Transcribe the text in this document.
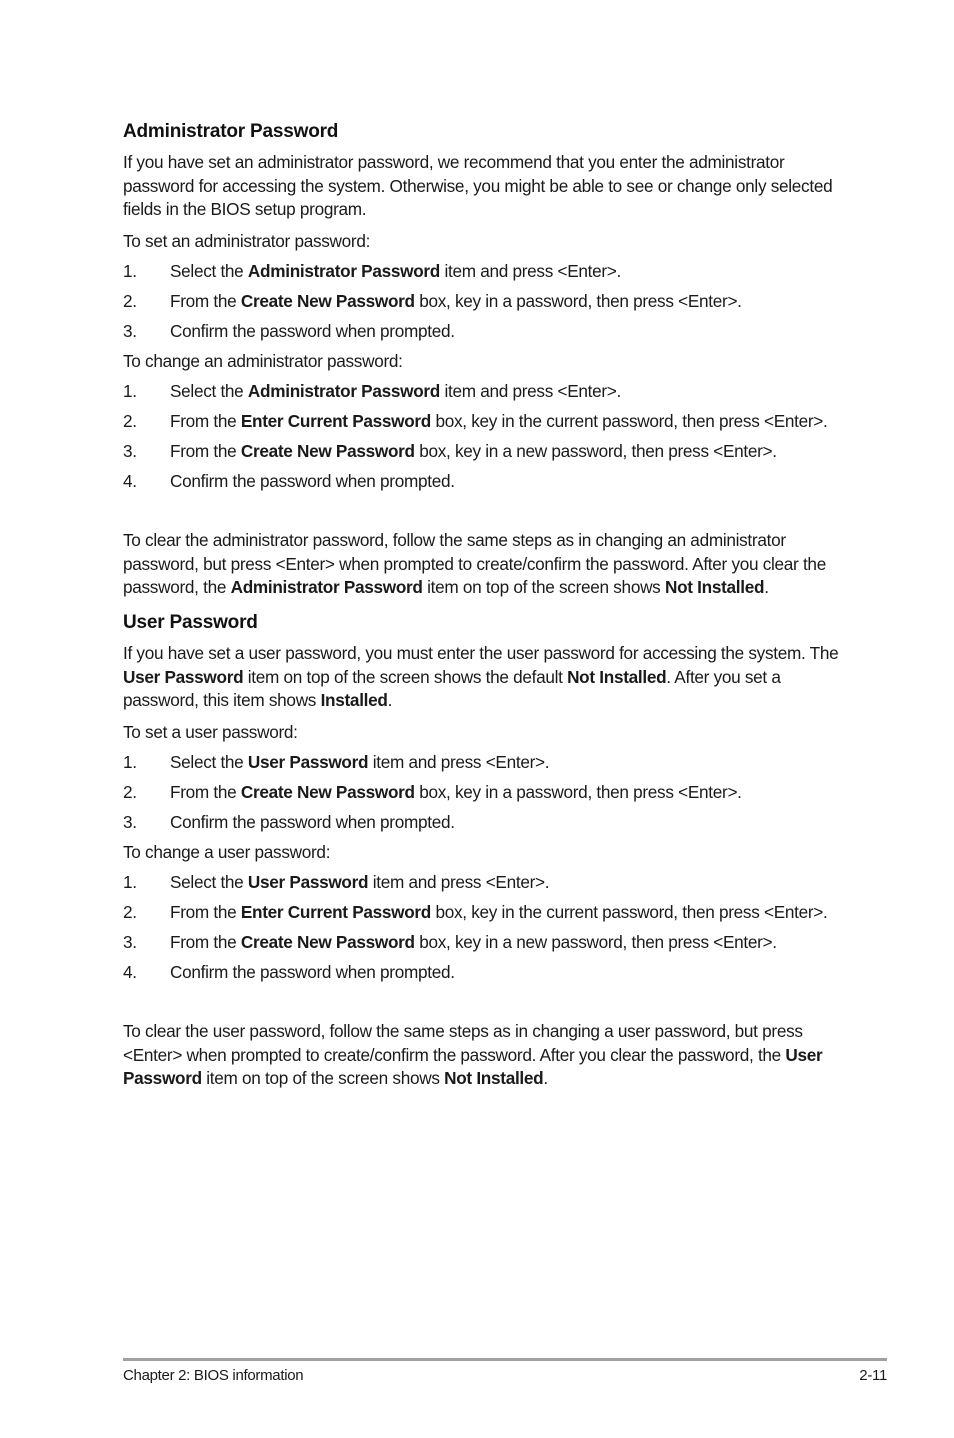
Administrator Password

If you have set an administrator password, we recommend that you enter the administrator password for accessing the system. Otherwise, you might be able to see or change only selected fields in the BIOS setup program.

To set an administrator password:

1. Select the Administrator Password item and press <Enter>.
2. From the Create New Password box, key in a password, then press <Enter>.
3. Confirm the password when prompted.

To change an administrator password:

1. Select the Administrator Password item and press <Enter>.
2. From the Enter Current Password box, key in the current password, then press <Enter>.
3. From the Create New Password box, key in a new password, then press <Enter>.
4. Confirm the password when prompted.

To clear the administrator password, follow the same steps as in changing an administrator password, but press <Enter> when prompted to create/confirm the password. After you clear the password, the Administrator Password item on top of the screen shows Not Installed.

User Password

If you have set a user password, you must enter the user password for accessing the system. The User Password item on top of the screen shows the default Not Installed. After you set a password, this item shows Installed.

To set a user password:

1. Select the User Password item and press <Enter>.
2. From the Create New Password box, key in a password, then press <Enter>.
3. Confirm the password when prompted.

To change a user password:

1. Select the User Password item and press <Enter>.
2. From the Enter Current Password box, key in the current password, then press <Enter>.
3. From the Create New Password box, key in a new password, then press <Enter>.
4. Confirm the password when prompted.

To clear the user password, follow the same steps as in changing a user password, but press <Enter> when prompted to create/confirm the password. After you clear the password, the User Password item on top of the screen shows Not Installed.

Chapter 2: BIOS information	2-11
